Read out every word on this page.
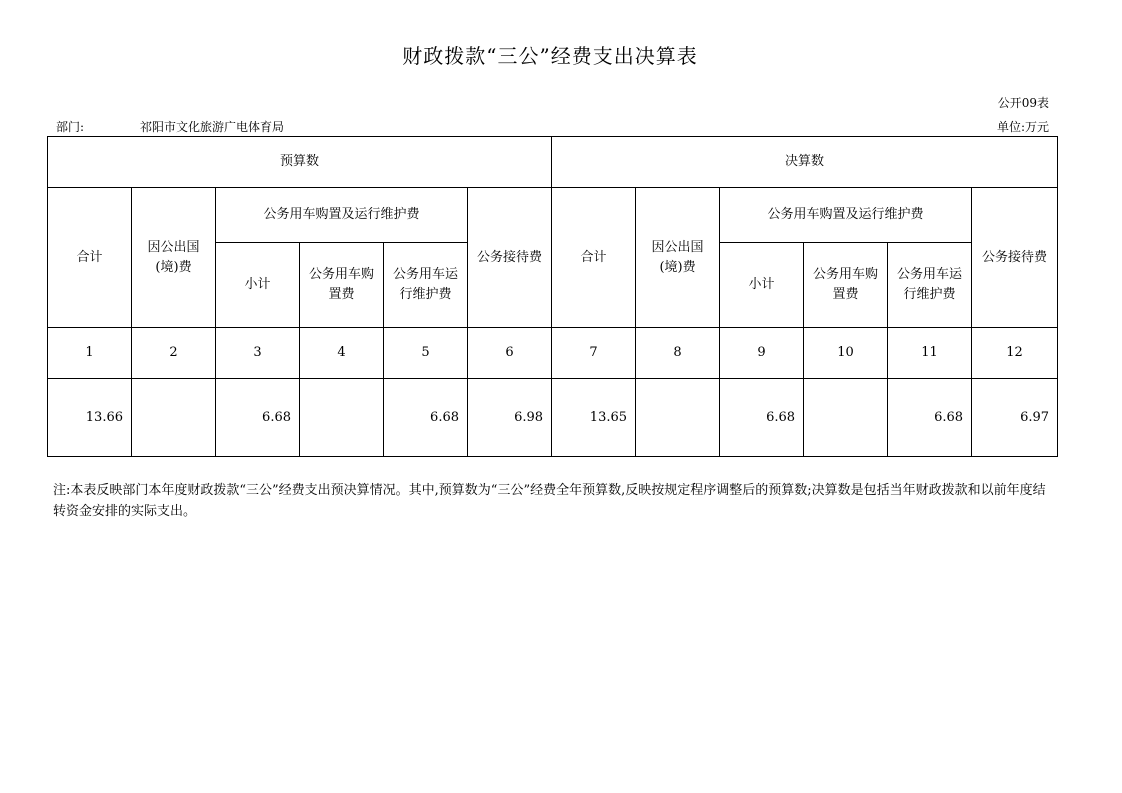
财政拨款“三公”经费支出决算表
公开09表
部门:	祁阳市文化旅游广电体育局	单位:万元
预算数						决算数					
合计	因公出国(境)费	公务用车购置及运行维护费			公务接待费	合计	因公出国(境)费	公务用车购置及运行维护费			公务接待费
		小计	公务用车购置费	公务用车运行维护费				小计	公务用车购置费	公务用车运行维护费	
1	2	3	4	5	6	7	8	9	10	11	12
13.66		6.68		6.68	6.98	13.65		6.68		6.68	6.97
注:本表反映部门本年度财政拨款“三公”经费支出预决算情况。其中,预算数为“三公”经费全年预算数,反映按规定程序调整后的预算数;决算数是包括当年财政拨款和以前年度结转资金安排的实际支出。
